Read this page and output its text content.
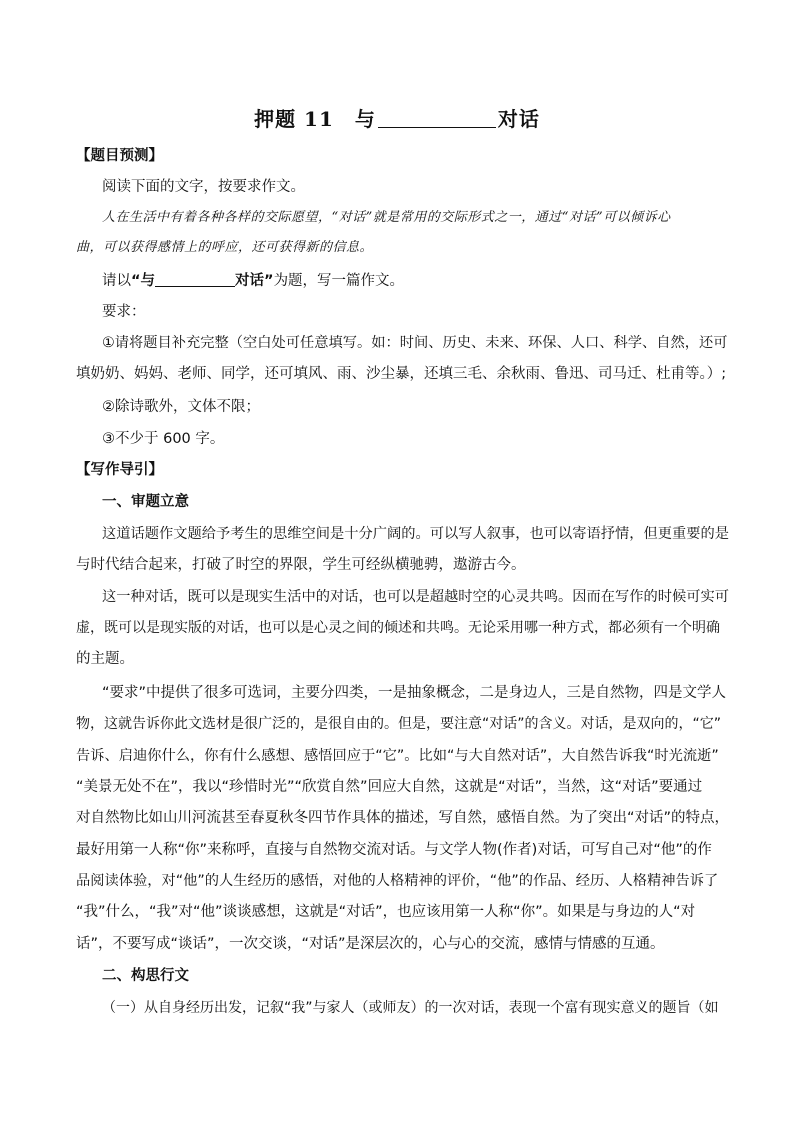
押题 11　与	对话
【题目预测】
阅读下面的文字，按要求作文。
人在生活中有着各种各样的交际愿望，“对话”就是常用的交际形式之一，通过“对话”可以倾诉心
曲，可以获得感情上的呼应，还可获得新的信息。
请以“与	对话”为题，写一篇作文。
要求：
①请将题目补充完整（空白处可任意填写。如：时间、历史、未来、环保、人口、科学、自然，还可
填奶奶、妈妈、老师、同学，还可填风、雨、沙尘暴，还填三毛、余秋雨、鲁迅、司马迁、杜甫等。）;
②除诗歌外，文体不限；
③不少于 600 字。
【写作导引】
一、审题立意
这道话题作文题给予考生的思维空间是十分广阔的。可以写人叙事，也可以寄语抒情，但更重要的是
与时代结合起来，打破了时空的界限，学生可经纵横驰骋，遨游古今。
这一种对话，既可以是现实生活中的对话，也可以是超越时空的心灵共鸣。因而在写作的时候可实可
虚，既可以是现实版的对话，也可以是心灵之间的倾述和共鸣。无论采用哪一种方式，都必须有一个明确
的主题。
“要求”中提供了很多可选词，主要分四类，一是抽象概念，二是身边人，三是自然物，四是文学人
物，这就告诉你此文选材是很广泛的，是很自由的。但是，要注意“对话”的含义。对话，是双向的，“它”
告诉、启迪你什么，你有什么感想、感悟回应于“它”。比如“与大自然对话”，大自然告诉我“时光流逝”
“美景无处不在”，我以“珍惜时光”“欣赏自然”回应大自然，这就是“对话”，当然，这“对话”要通过
对自然物比如山川河流甚至春夏秋冬四节作具体的描述，写自然，感悟自然。为了突出“对话”的特点，
最好用第一人称“你”来称呼，直接与自然物交流对话。与文学人物(作者)对话，可写自己对“他”的作
品阅读体验，对“他”的人生经历的感悟，对他的人格精神的评价，“他”的作品、经历、人格精神告诉了
“我”什么，“我”对“他”谈谈感想，这就是“对话”，也应该用第一人称“你”。如果是与身边的人“对
话”，不要写成“谈话”，一次交谈，“对话”是深层次的，心与心的交流，感情与情感的互通。
二、构思行文
（一）从自身经历出发，记叙“我”与家人（或师友）的一次对话，表现一个富有现实意义的题旨（如
